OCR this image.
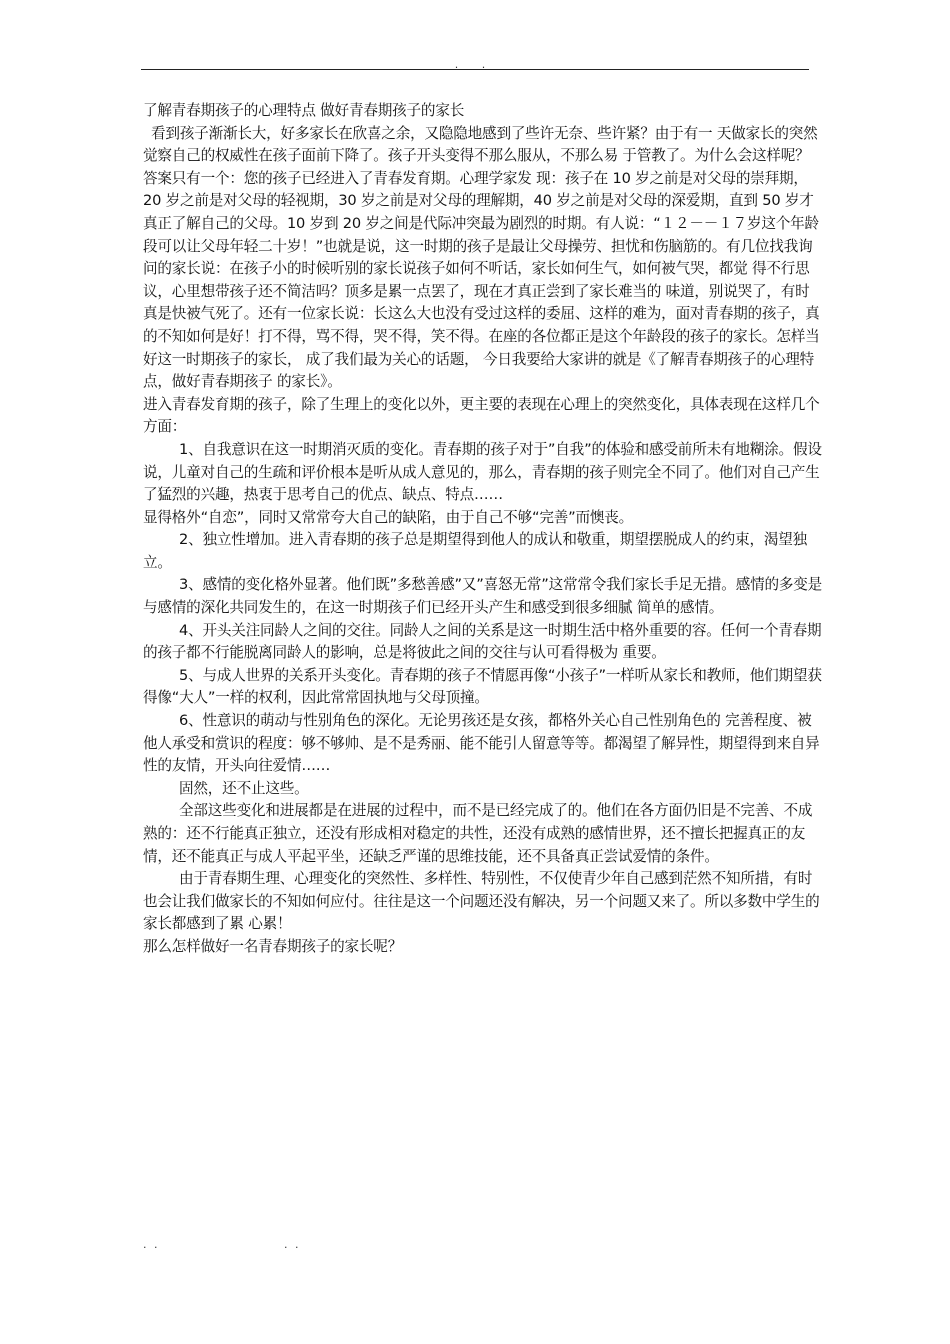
. .

了解青春期孩子的心理特点 做好青春期孩子的家长

看到孩子渐渐长大，好多家长在欣喜之余，又隐隐地感到了些许无奈、些许紧？由于有一 天做家长的突然觉察自己的权威性在孩子面前下降了。孩子开头变得不那么服从，不那么易 于管教了。为什么会这样呢？答案只有一个：您的孩子已经进入了青春发育期。心理学家发 现：孩子在 10 岁之前是对父母的崇拜期，20 岁之前是对父母的轻视期，30 岁之前是对父母的理解期，40 岁之前是对父母的深爱期，直到 50 岁才真正了解自己的父母。10 岁到 20 岁之间是代际冲突最为剧烈的时期。有人说：“１２－－１７岁这个年龄段可以让父母年轻二十岁！”也就是说，这一时期的孩子是最让父母操劳、担忧和伤脑筋的。有几位找我询问的家长说：在孩子小的时候听别的家长说孩子如何不听话，家长如何生气，如何被气哭，都觉 得不行思议，心里想带孩子还不简洁吗？顶多是累一点罢了，现在才真正尝到了家长难当的 味道，别说哭了，有时真是快被气死了。还有一位家长说：长这么大也没有受过这样的委屈、这样的难为，面对青春期的孩子，真的不知如何是好！打不得，骂不得，哭不得，笑不得。在座的各位都正是这个年龄段的孩子的家长。怎样当好这一时期孩子的家长， 成了我们最为关心的话题， 今日我要给大家讲的就是《了解青春期孩子的心理特点，做好青春期孩子 的家长》。

进入青春发育期的孩子，除了生理上的变化以外，更主要的表现在心理上的突然变化，具体表现在这样几个方面：

1、自我意识在这一时期消灭质的变化。青春期的孩子对于”自我”的体验和感受前所未有地糊涂。假设说，儿童对自己的生疏和评价根本是听从成人意见的，那么，青春期的孩子则完全不同了。他们对自己产生了猛烈的兴趣，热衷于思考自己的优点、缺点、特点……

显得格外“自恋”，同时又常常夸大自己的缺陷，由于自己不够“完善”而懊丧。

2、独立性增加。进入青春期的孩子总是期望得到他人的成认和敬重，期望摆脱成人的约束，渴望独立。

3、感情的变化格外显著。他们既”多愁善感”又”喜怒无常”这常常令我们家长手足无措。感情的多变是与感情的深化共同发生的，在这一时期孩子们已经开头产生和感受到很多细腻 简单的感情。

4、开头关注同龄人之间的交往。同龄人之间的关系是这一时期生活中格外重要的容。任何一个青春期的孩子都不行能脱离同龄人的影响，总是将彼此之间的交往与认可看得极为 重要。

5、与成人世界的关系开头变化。青春期的孩子不情愿再像“小孩子”一样听从家长和教师，他们期望获得像“大人”一样的权利，因此常常固执地与父母顶撞。

6、性意识的萌动与性别角色的深化。无论男孩还是女孩，都格外关心自己性别角色的 完善程度、被他人承受和赏识的程度：够不够帅、是不是秀丽、能不能引人留意等等。都渴望了解异性，期望得到来自异性的友情，开头向往爱情……

固然，还不止这些。

全部这些变化和进展都是在进展的过程中，而不是已经完成了的。他们在各方面仍旧是不完善、不成熟的：还不行能真正独立，还没有形成相对稳定的共性，还没有成熟的感情世界，还不擅长把握真正的友情，还不能真正与成人平起平坐，还缺乏严谨的思维技能，还不具备真正尝试爱情的条件。

由于青春期生理、心理变化的突然性、多样性、特别性，不仅使青少年自己感到茫然不知所措，有时也会让我们做家长的不知如何应付。往往是这一个问题还没有解决，另一个问题又来了。所以多数中学生的家长都感到了累 心累！

那么怎样做好一名青春期孩子的家长呢？

. .	. .
